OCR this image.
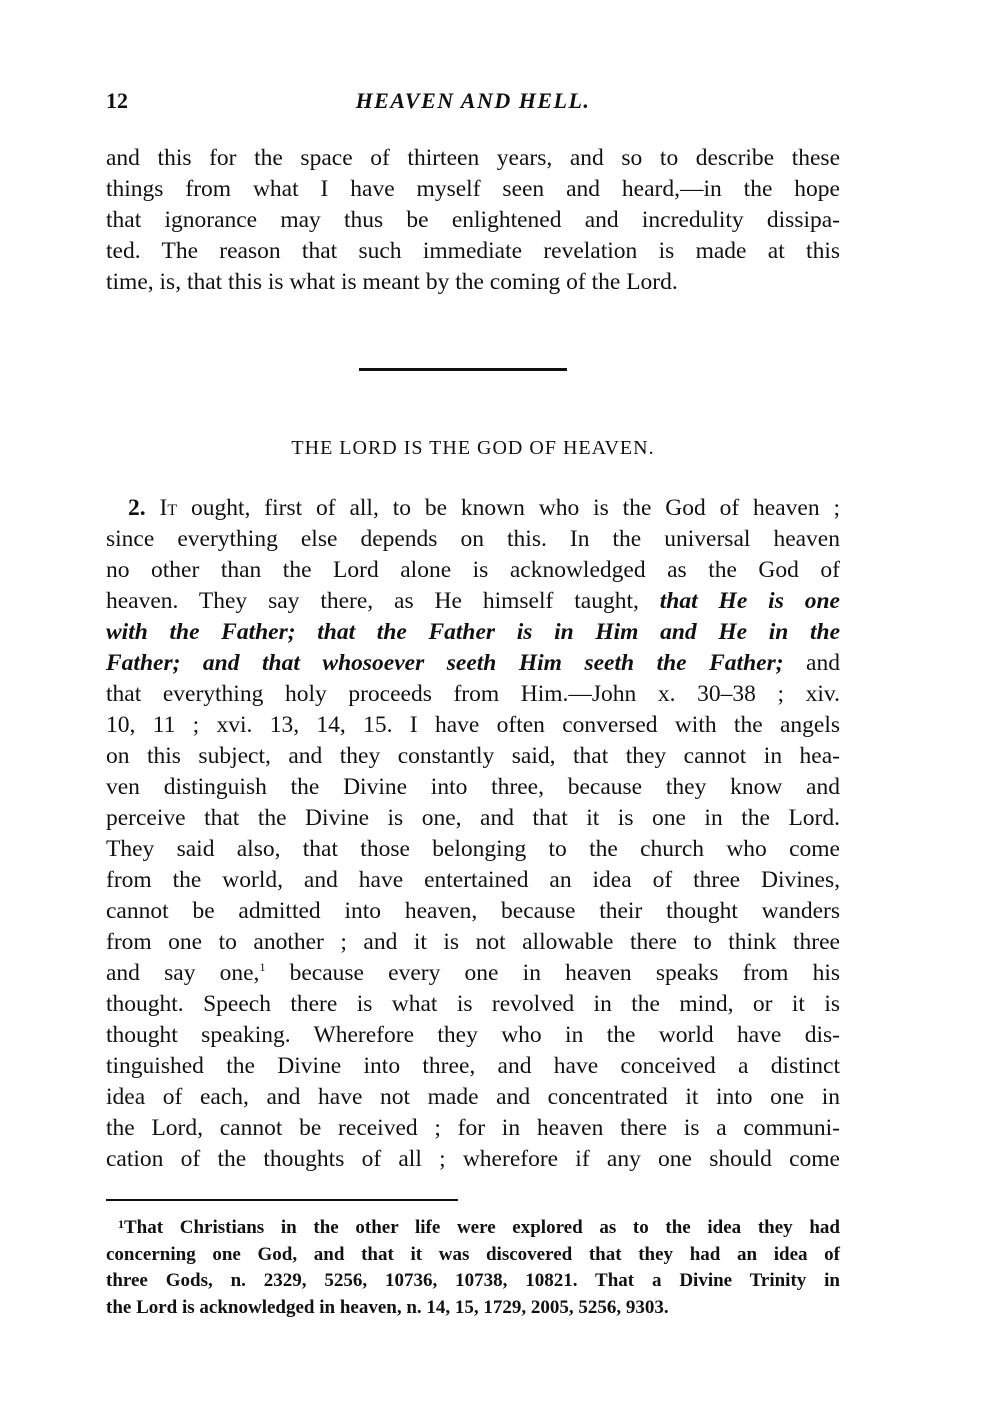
12	HEAVEN AND HELL.
and this for the space of thirteen years, and so to describe these
things from what I have myself seen and heard,—in the hope
that ignorance may thus be enlightened and incredulity dissipa-
ted. The reason that such immediate revelation is made at this
time, is, that this is what is meant by the coming of the Lord.
THE LORD IS THE GOD OF HEAVEN.
2. It ought, first of all, to be known who is the God of heaven ;
since everything else depends on this. In the universal heaven
no other than the Lord alone is acknowledged as the God of
heaven. They say there, as He himself taught, that He is one
with the Father; that the Father is in Him and He in the
Father; and that whosoever seeth Him seeth the Father; and
that everything holy proceeds from Him.—John x. 30–38 ; xiv.
10, 11 ; xvi. 13, 14, 15. I have often conversed with the angels
on this subject, and they constantly said, that they cannot in hea-
ven distinguish the Divine into three, because they know and
perceive that the Divine is one, and that it is one in the Lord.
They said also, that those belonging to the church who come
from the world, and have entertained an idea of three Divines,
cannot be admitted into heaven, because their thought wanders
from one to another ; and it is not allowable there to think three
and say one,$^1$ because every one in heaven speaks from his
thought. Speech there is what is revolved in the mind, or it is
thought speaking. Wherefore they who in the world have dis-
tinguished the Divine into three, and have conceived a distinct
idea of each, and have not made and concentrated it into one in
the Lord, cannot be received ; for in heaven there is a communi-
cation of the thoughts of all ; wherefore if any one should come
$^1$That Christians in the other life were explored as to the idea they had
concerning one God, and that it was discovered that they had an idea of
three Gods, n. 2329, 5256, 10736, 10738, 10821. That a Divine Trinity in
the Lord is acknowledged in heaven, n. 14, 15, 1729, 2005, 5256, 9303.
